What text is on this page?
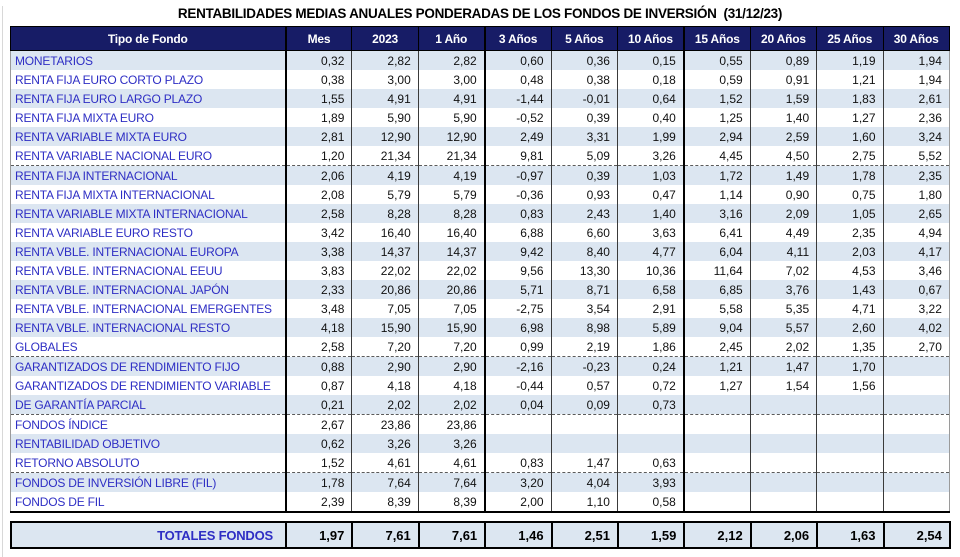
RENTABILIDADES MEDIAS ANUALES PONDERADAS DE LOS FONDOS DE INVERSIÓN  (31/12/23)
Tipo de Fondo	Mes	2023	1 Año	3 Años	5 Años	10 Años	15 Años	20 Años	25 Años	30 Años
MONETARIOS	0,32	2,82	2,82	0,60	0,36	0,15	0,55	0,89	1,19	1,94
RENTA FIJA EURO CORTO PLAZO	0,38	3,00	3,00	0,48	0,38	0,18	0,59	0,91	1,21	1,94
RENTA FIJA EURO LARGO PLAZO	1,55	4,91	4,91	-1,44	-0,01	0,64	1,52	1,59	1,83	2,61
RENTA FIJA MIXTA EURO	1,89	5,90	5,90	-0,52	0,39	0,40	1,25	1,40	1,27	2,36
RENTA VARIABLE MIXTA EURO	2,81	12,90	12,90	2,49	3,31	1,99	2,94	2,59	1,60	3,24
RENTA VARIABLE NACIONAL EURO	1,20	21,34	21,34	9,81	5,09	3,26	4,45	4,50	2,75	5,52
RENTA FIJA INTERNACIONAL	2,06	4,19	4,19	-0,97	0,39	1,03	1,72	1,49	1,78	2,35
RENTA FIJA MIXTA INTERNACIONAL	2,08	5,79	5,79	-0,36	0,93	0,47	1,14	0,90	0,75	1,80
RENTA VARIABLE MIXTA INTERNACIONAL	2,58	8,28	8,28	0,83	2,43	1,40	3,16	2,09	1,05	2,65
RENTA VARIABLE EURO RESTO	3,42	16,40	16,40	6,88	6,60	3,63	6,41	4,49	2,35	4,94
RENTA VBLE. INTERNACIONAL EUROPA	3,38	14,37	14,37	9,42	8,40	4,77	6,04	4,11	2,03	4,17
RENTA VBLE. INTERNACIONAL EEUU	3,83	22,02	22,02	9,56	13,30	10,36	11,64	7,02	4,53	3,46
RENTA VBLE. INTERNACIONAL JAPÓN	2,33	20,86	20,86	5,71	8,71	6,58	6,85	3,76	1,43	0,67
RENTA VBLE. INTERNACIONAL EMERGENTES	3,48	7,05	7,05	-2,75	3,54	2,91	5,58	5,35	4,71	3,22
RENTA VBLE. INTERNACIONAL RESTO	4,18	15,90	15,90	6,98	8,98	5,89	9,04	5,57	2,60	4,02
GLOBALES	2,58	7,20	7,20	0,99	2,19	1,86	2,45	2,02	1,35	2,70
GARANTIZADOS DE RENDIMIENTO FIJO	0,88	2,90	2,90	-2,16	-0,23	0,24	1,21	1,47	1,70	
GARANTIZADOS DE RENDIMIENTO VARIABLE	0,87	4,18	4,18	-0,44	0,57	0,72	1,27	1,54	1,56	
DE GARANTÍA PARCIAL	0,21	2,02	2,02	0,04	0,09	0,73				
FONDOS ÍNDICE	2,67	23,86	23,86							
RENTABILIDAD OBJETIVO	0,62	3,26	3,26							
RETORNO ABSOLUTO	1,52	4,61	4,61	0,83	1,47	0,63				
FONDOS DE INVERSIÓN LIBRE (FIL)	1,78	7,64	7,64	3,20	4,04	3,93				
FONDOS DE FIL	2,39	8,39	8,39	2,00	1,10	0,58				
TOTALES FONDOS	1,97	7,61	7,61	1,46	2,51	1,59	2,12	2,06	1,63	2,54
